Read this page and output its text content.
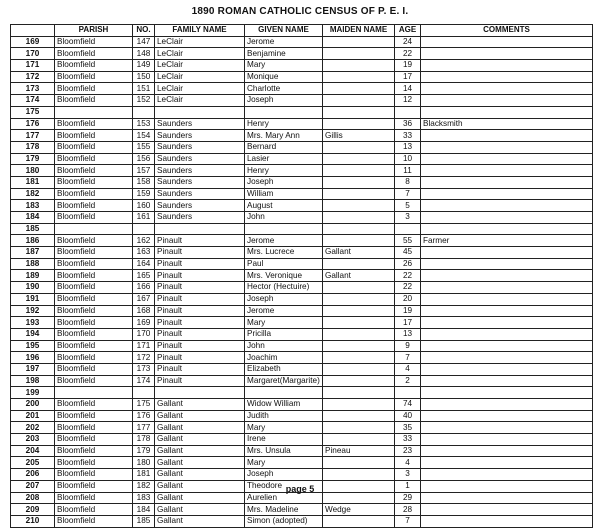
1890 ROMAN CATHOLIC CENSUS OF P. E. I.
	PARISH	NO.	FAMILY NAME	GIVEN NAME	MAIDEN NAME	AGE	COMMENTS
169	Bloomfield	147	LeClair	Jerome		24	
170	Bloomfield	148	LeClair	Benjamine		22	
171	Bloomfield	149	LeClair	Mary		19	
172	Bloomfield	150	LeClair	Monique		17	
173	Bloomfield	151	LeClair	Charlotte		14	
174	Bloomfield	152	LeClair	Joseph		12	
175							
176	Bloomfield	153	Saunders	Henry		36	Blacksmith
177	Bloomfield	154	Saunders	Mrs. Mary Ann	Gillis	33	
178	Bloomfield	155	Saunders	Bernard		13	
179	Bloomfield	156	Saunders	Lasier		10	
180	Bloomfield	157	Saunders	Henry		11	
181	Bloomfield	158	Saunders	Joseph		8	
182	Bloomfield	159	Saunders	William		7	
183	Bloomfield	160	Saunders	August		5	
184	Bloomfield	161	Saunders	John		3	
185							
186	Bloomfield	162	Pinault	Jerome		55	Farmer
187	Bloomfield	163	Pinault	Mrs. Lucrece	Gallant	45	
188	Bloomfield	164	Pinault	Paul		26	
189	Bloomfield	165	Pinault	Mrs. Veronique	Gallant	22	
190	Bloomfield	166	Pinault	Hector (Hectuire)		22	
191	Bloomfield	167	Pinault	Joseph		20	
192	Bloomfield	168	Pinault	Jerome		19	
193	Bloomfield	169	Pinault	Mary		17	
194	Bloomfield	170	Pinault	Pricilla		13	
195	Bloomfield	171	Pinault	John		9	
196	Bloomfield	172	Pinault	Joachim		7	
197	Bloomfield	173	Pinault	Elizabeth		4	
198	Bloomfield	174	Pinault	Margaret(Margarite)		2	
199							
200	Bloomfield	175	Gallant	Widow William		74	
201	Bloomfield	176	Gallant	Judith		40	
202	Bloomfield	177	Gallant	Mary		35	
203	Bloomfield	178	Gallant	Irene		33	
204	Bloomfield	179	Gallant	Mrs. Unsula	Pineau	23	
205	Bloomfield	180	Gallant	Mary		4	
206	Bloomfield	181	Gallant	Joseph		3	
207	Bloomfield	182	Gallant	Theodore		1	
208	Bloomfield	183	Gallant	Aurelien		29	
209	Bloomfield	184	Gallant	Mrs. Madeline	Wedge	28	
210	Bloomfield	185	Gallant	Simon (adopted)		7	
page 5
